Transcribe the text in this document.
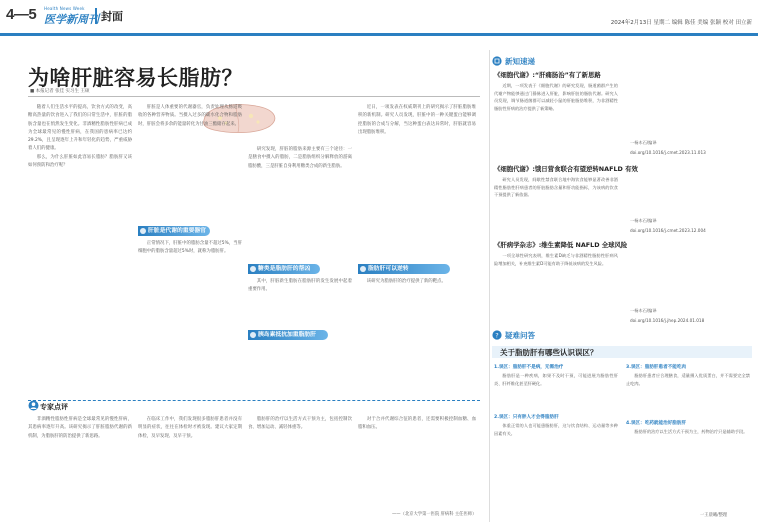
4—5 Health News Week
医学新周刊 封面	2024年2月13日 星期二 编辑 陈佳 美编 张颖 校对 田立新
为啥肝脏容易长脂肪？
■ 本报记者 张佳 实习生 王硕

随着人们生活水平的提高，饮食方式的改变，高糖高热量的饮食进入了我们的日常生活中，肝脏的脂肪含量也在悄然发生变化。非酒精性脂肪性肝病已成为全球最常见的慢性肝病，在我国的患病率已达约29.2%，且呈现逐年上升和年轻化的趋势，严重威胁着人们的健康。

那么，为什么肝脏如此容易长脂肪？脂肪肝又该如何预防和治疗呢？

肝脏是代谢的重要器官

肝脏是人体重要的代谢器官，负责处理从肠道吸收的各种营养物质。当摄入过多的碳水化合物和脂肪时，肝脏会将多余的能量转化为甘油三酯储存起来。

正常情况下，肝脏中的脂肪含量不超过5%，当肝细胞中的脂肪含量超过5%时，就称为脂肪肝。

糖类是脂肪肝的帮凶
胰岛素抵抗加重脂肪肝

研究发现，肝脏的脂肪来源主要有三个途径：一是膳食中摄入的脂肪，二是脂肪组织分解释放的游离脂肪酸，三是肝脏自身利用糖类合成的新生脂肪。

其中，肝脏新生脂肪在脂肪肝的发生发展中起着重要作用。

脂肪肝可以逆转

近日，一项发表在权威期刊上的研究揭示了肝脏脂肪堆积的新机制。研究人员发现，肝脏中的一种关键蛋白能够调控脂肪的合成与分解，当这种蛋白表达异常时，肝脏就容易出现脂肪堆积。

该研究为脂肪肝的治疗提供了新的靶点。

专家点评

非酒精性脂肪性肝病是全球最常见的慢性肝病，其患病率逐年升高。该研究揭示了肝脏脂肪代谢的新机制，为脂肪肝的防治提供了新思路。

在临床工作中，我们发现很多脂肪肝患者并没有明显的症状，往往在体检时才被发现。建议大家定期体检，及早发现、及早干预。

脂肪肝的治疗以生活方式干预为主，包括控制饮食、增加运动、减轻体重等。

对于合并代谢综合征的患者，还需要积极控制血糖、血脂和血压。

——（北京大学第一医院 肝病科 主任医师）
新知速递
《细胞代谢》:“肝痛肠治”有了新思路

近期，一项发表于《细胞代谢》的研究发现，肠道菌群产生的代谢产物能够通过门静脉进入肝脏，影响肝脏的脂肪代谢。研究人员发现，调节肠道菌群可以减轻小鼠的肝脏脂肪堆积，为非酒精性脂肪性肝病的治疗提供了新策略。

一杨木石/编译
doi.org/10.1016/j.cmet.2023.11.013
《细胞代谢》:饿日营食联合有望逆转NAFLD 有效

研究人员发现，间歇性禁食联合地中海饮食能够显著改善非酒精性脂肪性肝病患者的肝脏脂肪含量和肝功能指标，为该病的饮食干预提供了新依据。

一杨木石/编译
doi.org/10.1016/j.cmet.2023.12.004
《肝病学杂志》:维生素降低 NAFLD 全球风险

一项全球性研究表明，维生素D缺乏与非酒精性脂肪性肝病风险增加相关，补充维生素D可能有助于降低该病的发生风险。

一杨木石/编译
doi.org/10.1016/j.jhep.2024.01.018
? 疑难问答
关于脂肪肝有哪些认识误区？
1.误区：脂肪肝不是病，无需治疗

脂肪肝是一种疾病，如果不及时干预，可能进展为脂肪性肝炎、肝纤维化甚至肝硬化。

2.误区：只有胖人才会得脂肪肝

体重正常的人也可能患脂肪肝，这与饮食结构、运动量等多种因素有关。

3.误区：脂肪肝患者不能吃肉

脂肪肝患者应合理膳食，适量摄入优质蛋白，并不需要完全禁止吃肉。

4.误区：吃药就能治好脂肪肝

脂肪肝的治疗以生活方式干预为主，药物治疗只是辅助手段。

一王晨曦/整理
